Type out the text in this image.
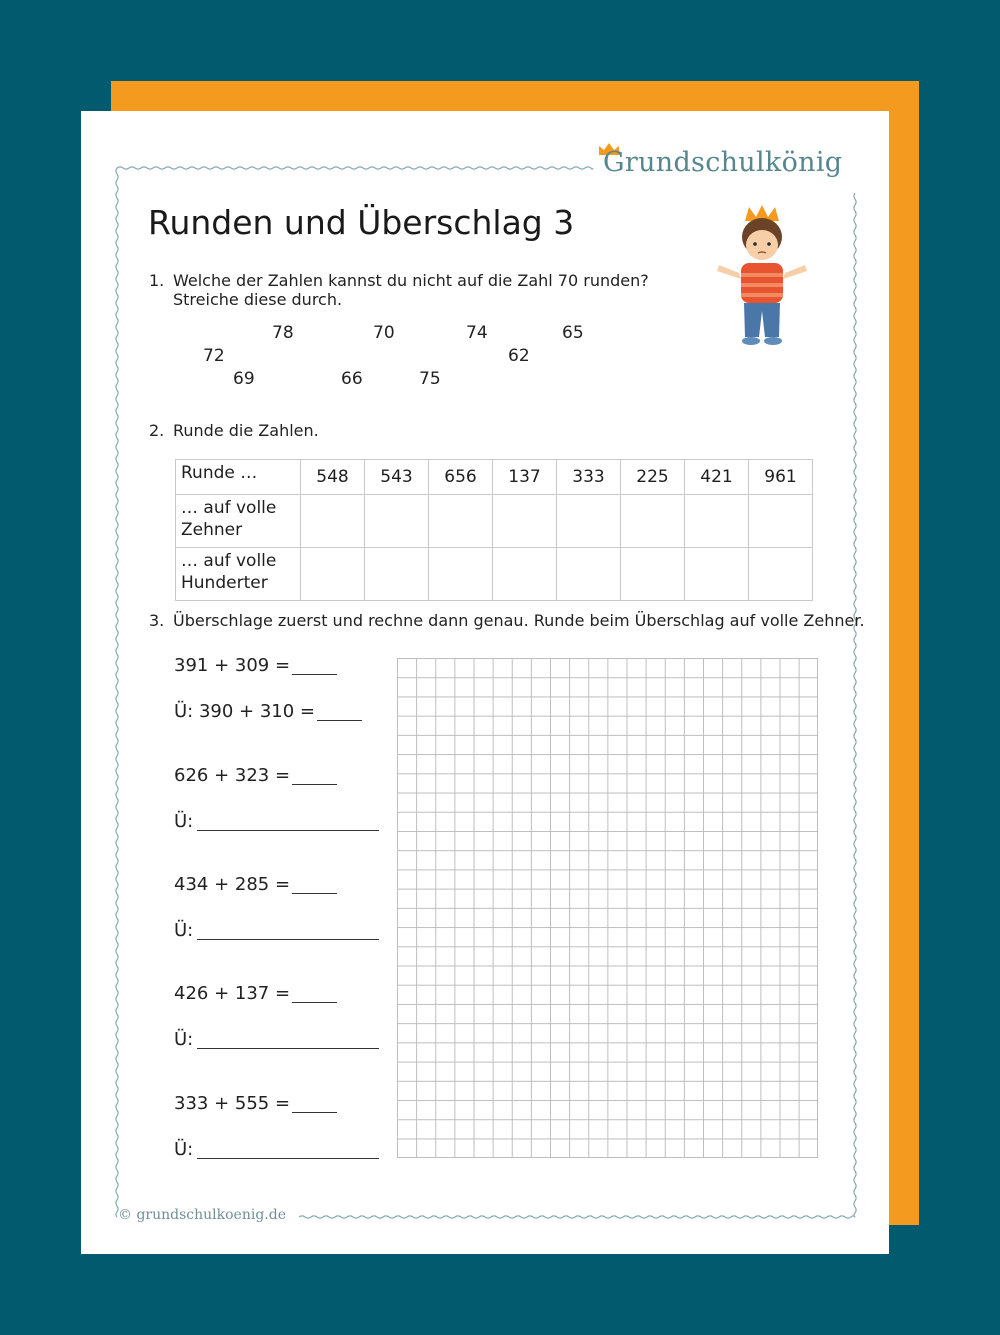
Grundschulkönig
Runden und Überschlag 3
1. Welche der Zahlen kannst du nicht auf die Zahl 70 runden?
Streiche diese durch.
78	70	74	65
72	62
69	66	75
2. Runde die Zahlen.
Runde …	548	543	656	137	333	225	421	961

… auf volle
Zehner								

… auf volle
Hunderter								

3. Überschlage zuerst und rechne dann genau. Runde beim Überschlag auf volle Zehner.
391 + 309 =
Ü: 390 + 310 =
626 + 323 =
Ü:
434 + 285 =
Ü:
426 + 137 =
Ü:
333 + 555 =
Ü:
© grundschulkoenig.de
